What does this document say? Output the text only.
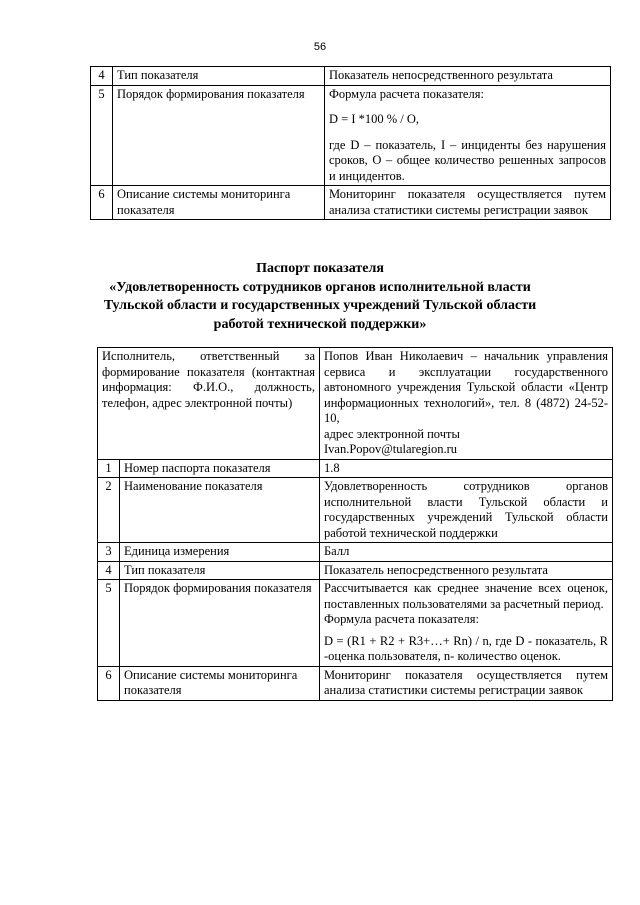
56
4	Тип показателя	Показатель непосредственного результата
5	Порядок формирования показателя	Формула расчета показателя:
D = I *100 % / O,
где D – показатель, I – инциденты без нарушения сроков, O – общее количество решенных запросов и инцидентов.

6	Описание системы мониторинга показателя	Мониторинг показателя осуществляется путем анализа статистики системы регистрации заявок
Паспорт показателя
«Удовлетворенность сотрудников органов исполнительной власти
Тульской области и государственных учреждений Тульской области
работой технической поддержки»
Исполнитель, ответственный за формирование показателя (контактная информация: Ф.И.О., должность, телефон, адрес электронной почты)		Попов Иван Николаевич – начальник управления сервиса и эксплуатации государственного автономного учреждения Тульской области «Центр информационных технологий», тел. 8 (4872) 24-52-10,
адрес электронной почты
Ivan.Popov@tularegion.ru

1	Номер паспорта показателя	1.8
2	Наименование показателя	Удовлетворенность сотрудников органов исполнительной власти Тульской области и государственных учреждений Тульской области работой технической поддержки
3	Единица измерения	Балл
4	Тип показателя	Показатель непосредственного результата
5	Порядок формирования показателя	Рассчитывается как среднее значение всех оценок, поставленных пользователями за расчетный период.
Формула расчета показателя:
D = (R1 + R2 + R3+…+ Rn) / n, где D - показатель, R -оценка пользователя, n- количество оценок.

6	Описание системы мониторинга показателя	Мониторинг показателя осуществляется путем анализа статистики системы регистрации заявок
